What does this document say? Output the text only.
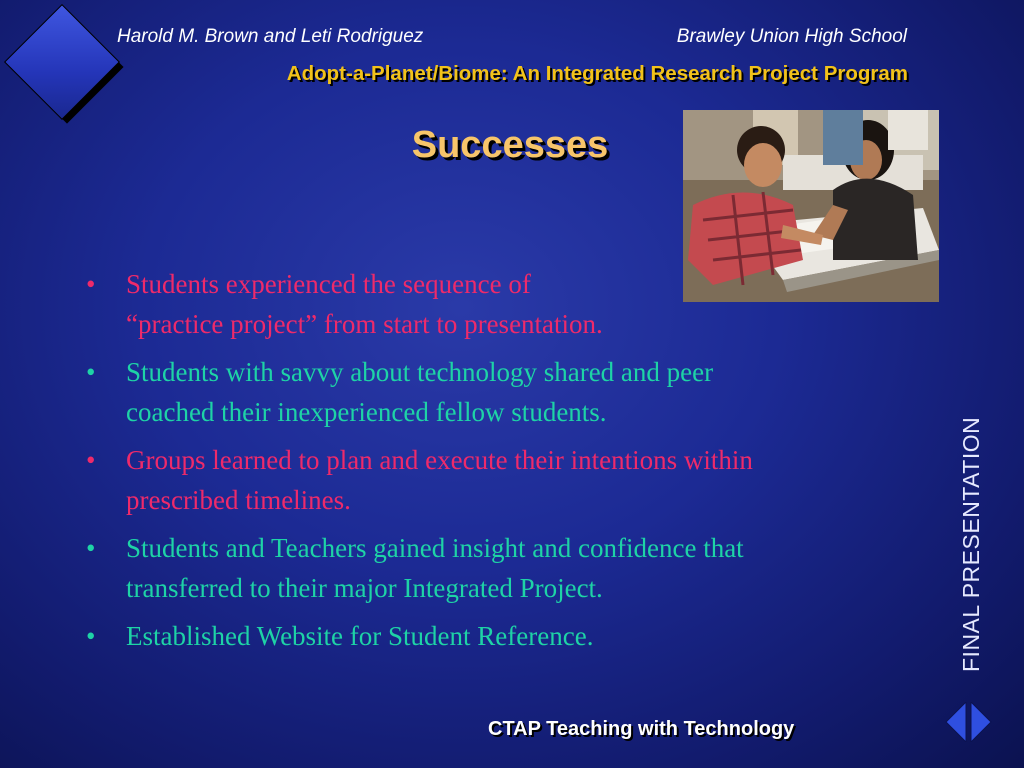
Harold M. Brown and Leti Rodriguez	Brawley Union High School
Adopt-a-Planet/Biome: An Integrated Research Project Program
Successes
• Students experienced the sequence of
“practice project” from start to presentation.
• Students with savvy about technology shared and peer
coached their inexperienced fellow students.
• Groups learned to plan and execute their intentions within
prescribed timelines.
• Students and Teachers gained insight and confidence that
transferred to their major Integrated Project.
• Established Website for Student Reference.	FINAL PRESENTATION
CTAP Teaching with Technology
